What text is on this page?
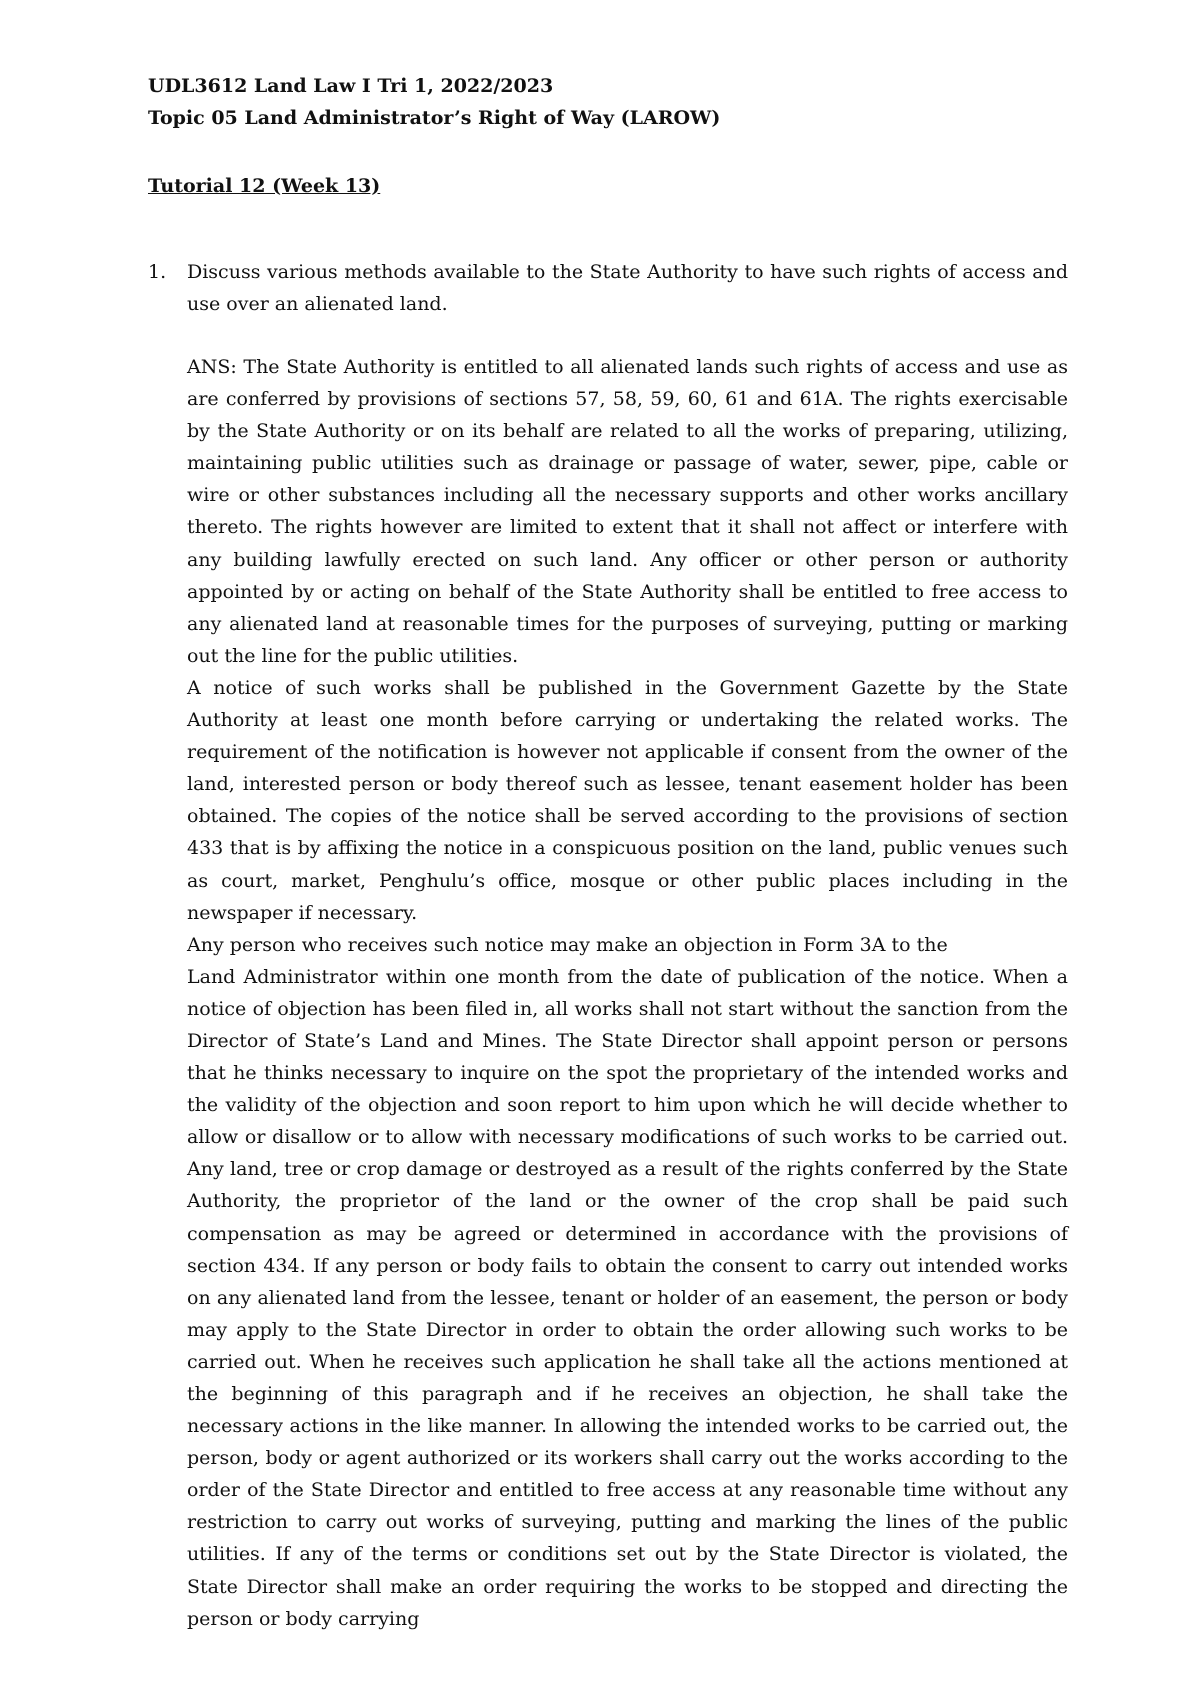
UDL3612 Land Law I Tri 1, 2022/2023
Topic 05 Land Administrator’s Right of Way (LAROW)
Tutorial 12 (Week 13)
1. Discuss various methods available to the State Authority to have such rights of access and use over an alienated land.

ANS: The State Authority is entitled to all alienated lands such rights of access and use as are conferred by provisions of sections 57, 58, 59, 60, 61 and 61A. The rights exercisable by the State Authority or on its behalf are related to all the works of preparing, utilizing, maintaining public utilities such as drainage or passage of water, sewer, pipe, cable or wire or other substances including all the necessary supports and other works ancillary thereto. The rights however are limited to extent that it shall not affect or interfere with any building lawfully erected on such land. Any officer or other person or authority appointed by or acting on behalf of the State Authority shall be entitled to free access to any alienated land at reasonable times for the purposes of surveying, putting or marking out the line for the public utilities.

A notice of such works shall be published in the Government Gazette by the State Authority at least one month before carrying or undertaking the related works. The requirement of the notification is however not applicable if consent from the owner of the land, interested person or body thereof such as lessee, tenant easement holder has been obtained. The copies of the notice shall be served according to the provisions of section 433 that is by affixing the notice in a conspicuous position on the land, public venues such as court, market, Penghulu’s office, mosque or other public places including in the newspaper if necessary.

Any person who receives such notice may make an objection in Form 3A to the

Land Administrator within one month from the date of publication of the notice. When a notice of objection has been filed in, all works shall not start without the sanction from the Director of State’s Land and Mines. The State Director shall appoint person or persons that he thinks necessary to inquire on the spot the proprietary of the intended works and the validity of the objection and soon report to him upon which he will decide whether to allow or disallow or to allow with necessary modifications of such works to be carried out. Any land, tree or crop damage or destroyed as a result of the rights conferred by the State Authority, the proprietor of the land or the owner of the crop shall be paid such compensation as may be agreed or determined in accordance with the provisions of section 434. If any person or body fails to obtain the consent to carry out intended works on any alienated land from the lessee, tenant or holder of an easement, the person or body may apply to the State Director in order to obtain the order allowing such works to be carried out. When he receives such application he shall take all the actions mentioned at the beginning of this paragraph and if he receives an objection, he shall take the necessary actions in the like manner. In allowing the intended works to be carried out, the person, body or agent authorized or its workers shall carry out the works according to the order of the State Director and entitled to free access at any reasonable time without any restriction to carry out works of surveying, putting and marking the lines of the public utilities. If any of the terms or conditions set out by the State Director is violated, the State Director shall make an order requiring the works to be stopped and directing the person or body carrying
